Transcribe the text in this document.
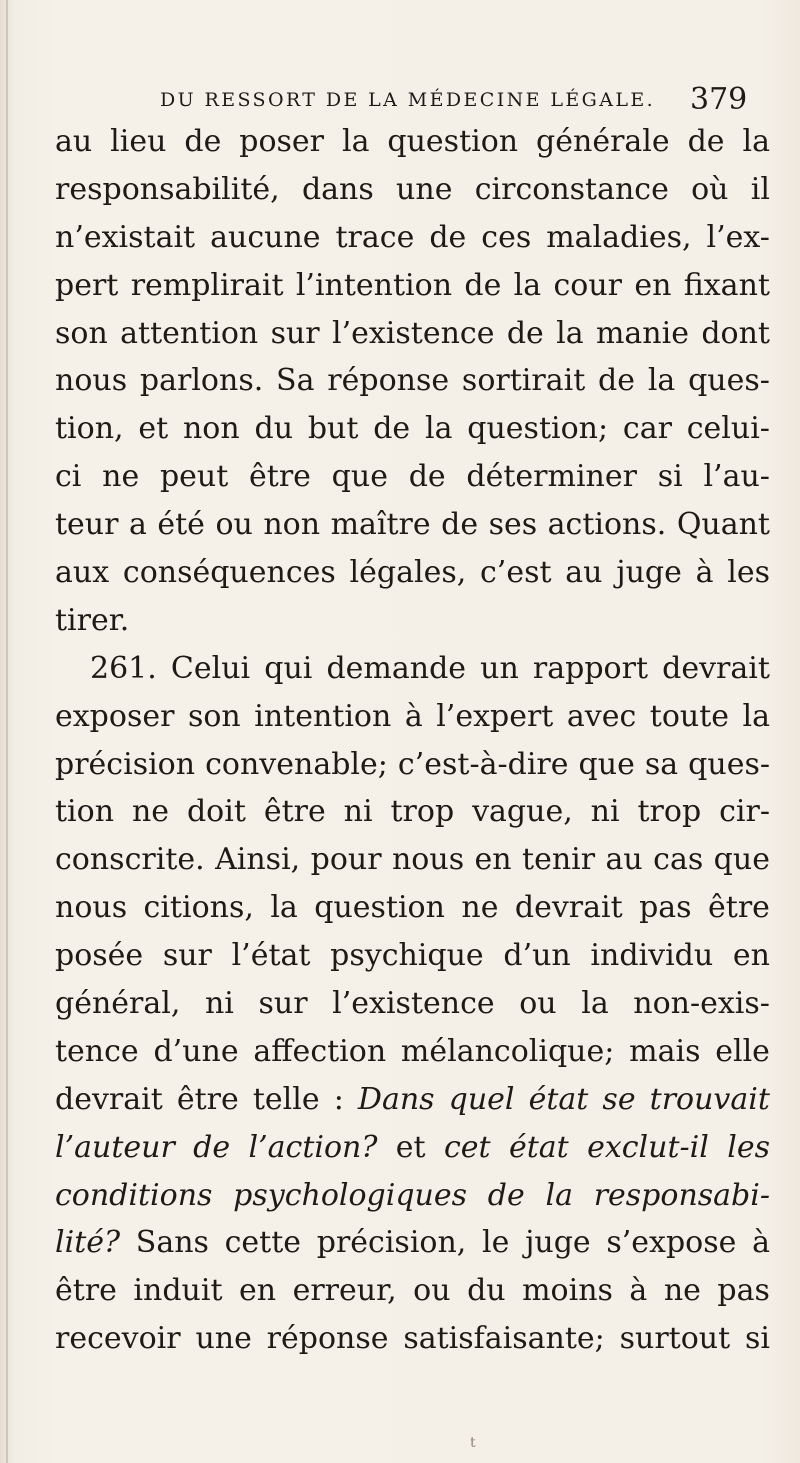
DU RESSORT DE LA MÉDECINE LÉGALE. 379
au lieu de poser la question générale de la
responsabilité, dans une circonstance où il
n’existait aucune trace de ces maladies, l’ex-
pert remplirait l’intention de la cour en fixant
son attention sur l’existence de la manie dont
nous parlons. Sa réponse sortirait de la ques-
tion, et non du but de la question; car celui-
ci ne peut être que de déterminer si l’au-
teur a été ou non maître de ses actions. Quant
aux conséquences légales, c’est au juge à les
tirer.
261. Celui qui demande un rapport devrait
exposer son intention à l’expert avec toute la
précision convenable; c’est-à-dire que sa ques-
tion ne doit être ni trop vague, ni trop cir-
conscrite. Ainsi, pour nous en tenir au cas que
nous citions, la question ne devrait pas être
posée sur l’état psychique d’un individu en
général, ni sur l’existence ou la non-exis-
tence d’une affection mélancolique; mais elle
devrait être telle : Dans quel état se trouvait
l’auteur de l’action? et cet état exclut-il les
conditions psychologiques de la responsabi-
lité? Sans cette précision, le juge s’expose à
être induit en erreur, ou du moins à ne pas
recevoir une réponse satisfaisante; surtout si
t
